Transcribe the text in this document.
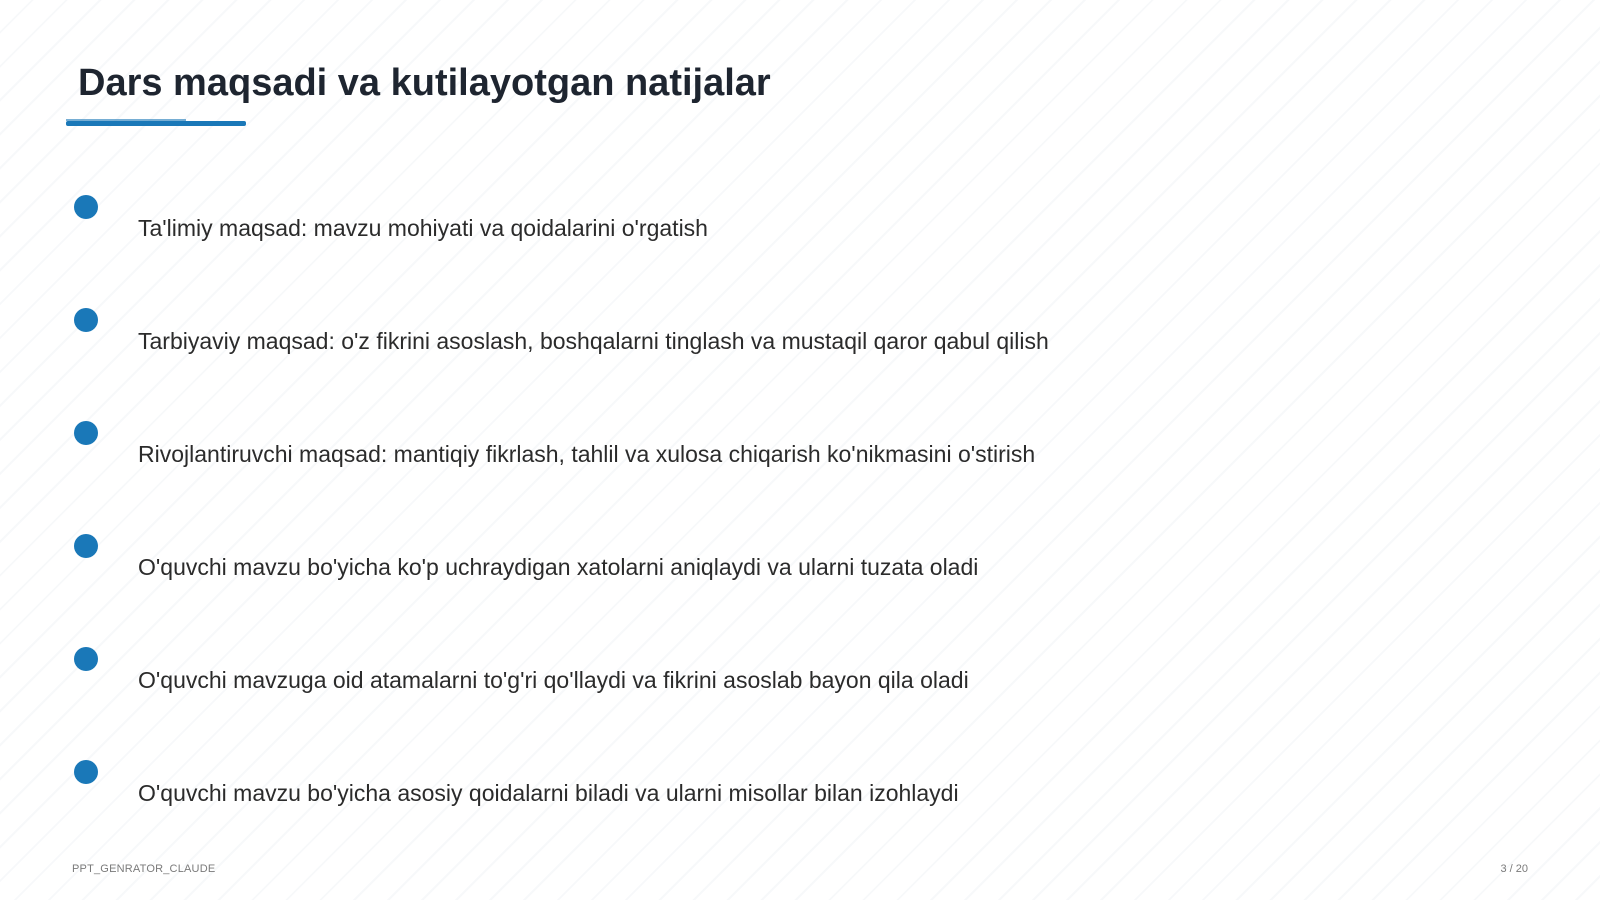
Dars maqsadi va kutilayotgan natijalar
Ta'limiy maqsad: mavzu mohiyati va qoidalarini o'rgatish
Tarbiyaviy maqsad: o'z fikrini asoslash, boshqalarni tinglash va mustaqil qaror qabul qilish
Rivojlantiruvchi maqsad: mantiqiy fikrlash, tahlil va xulosa chiqarish ko'nikmasini o'stirish
O'quvchi mavzu bo'yicha ko'p uchraydigan xatolarni aniqlaydi va ularni tuzata oladi
O'quvchi mavzuga oid atamalarni to'g'ri qo'llaydi va fikrini asoslab bayon qila oladi
O'quvchi mavzu bo'yicha asosiy qoidalarni biladi va ularni misollar bilan izohlaydi
PPT_GENRATOR_CLAUDE	3 / 20
